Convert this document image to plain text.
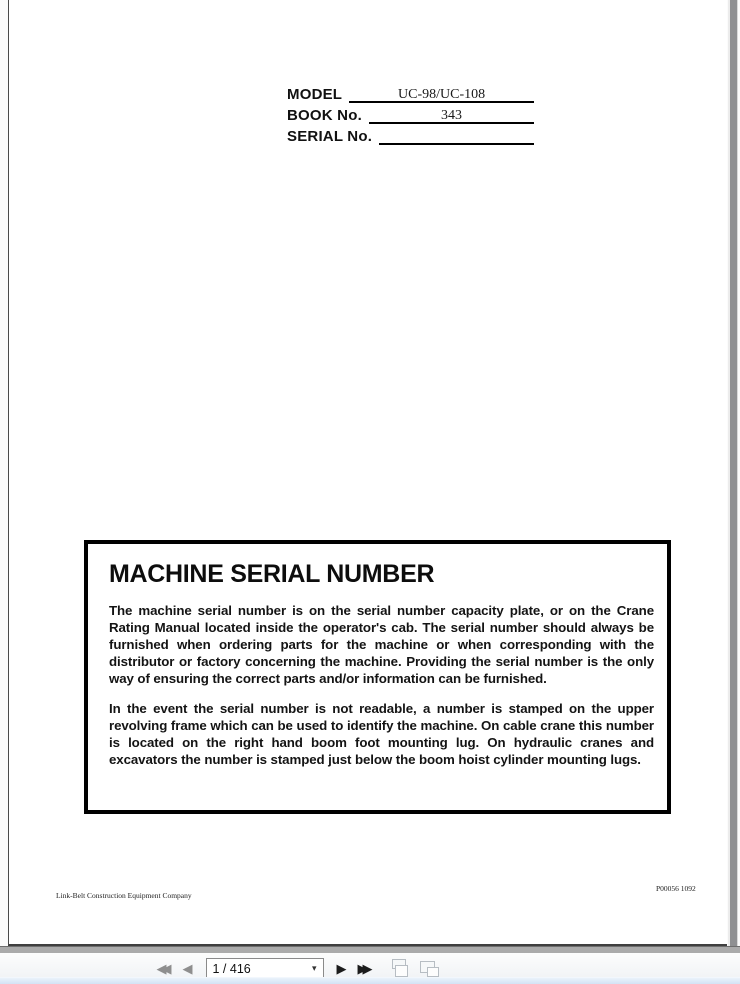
MODEL	UC-98/UC-108
BOOK No.	343
SERIAL No.
MACHINE SERIAL NUMBER

The machine serial number is on the serial number capacity plate, or on the Crane Rating Manual located inside the operator's cab. The serial number should always be furnished when ordering parts for the machine or when corresponding with the distributor or factory concerning the machine. Providing the serial number is the only way of ensuring the correct parts and/or information can be furnished.

In the event the serial number is not readable, a number is stamped on the upper revolving frame which can be used to identify the machine. On cable crane this number is located on the right hand boom foot mounting lug. On hydraulic cranes and excavators the number is stamped just below the boom hoist cylinder mounting lugs.

Link-Belt Construction Equipment Company
P00056 1092
◀◀	◀	1 / 416	▾	▶ ▶▶
